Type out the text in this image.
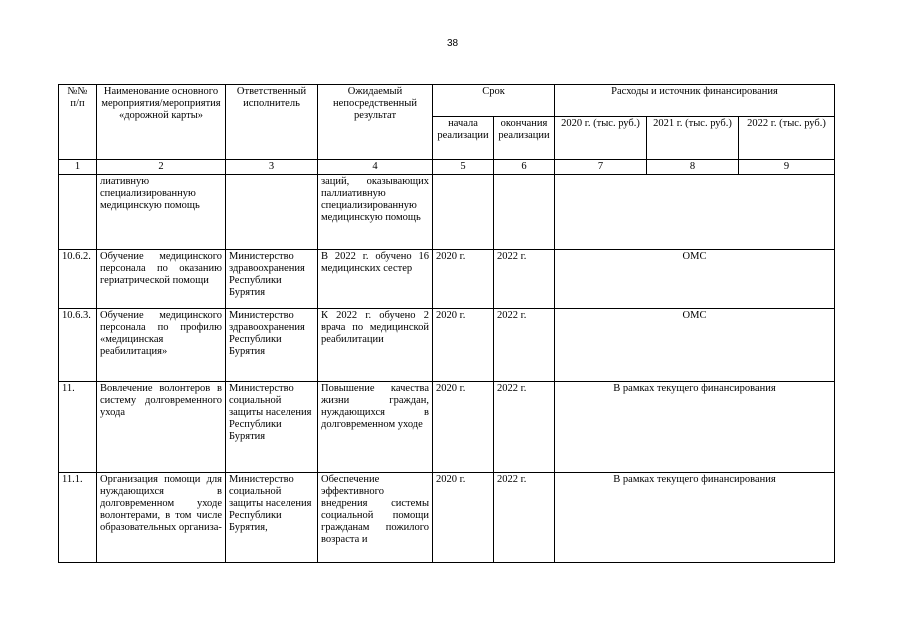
38
№№ п/п	Наименование основного мероприятия/мероприятия «дорожной карты»	Ответственный исполнитель	Ожидаемый непосредственный результат	Срок		Расходы и источник финансирования		
				начала реализации	окончания реализации	2020 г. (тыс. руб.)	2021 г. (тыс. руб.)	2022 г. (тыс. руб.)
1	2	3	4	5	6	7	8	9
	лиативную специализированную медицинскую помощь		заций, оказывающих паллиативную специализированную медицинскую помощь					
10.6.2.	Обучение медицинского персонала по оказанию гериатрической помощи	Министерство здравоохранения Республики Бурятия	В 2022 г. обучено 16 медицинских сестер	2020 г.	2022 г.	ОМС		
10.6.3.	Обучение медицинского персонала по профилю «медицинская реабилитация»	Министерство здравоохранения Республики Бурятия	К 2022 г. обучено 2 врача по медицинской реабилитации	2020 г.	2022 г.	ОМС		
11.	Вовлечение волонтеров в систему долговременного ухода	Министерство социальной защиты населения Республики Бурятия	Повышение качества жизни граждан, нуждающихся в долговременном уходе	2020 г.	2022 г.	В рамках текущего финансирования		
11.1.	Организация помощи для нуждающихся в долговременном уходе волонтерами, в том числе образовательных организа-	Министерство социальной защиты населения Республики Бурятия,	Обеспечение эффективного внедрения системы социальной помощи гражданам пожилого возраста и	2020 г.	2022 г.	В рамках текущего финансирования		
